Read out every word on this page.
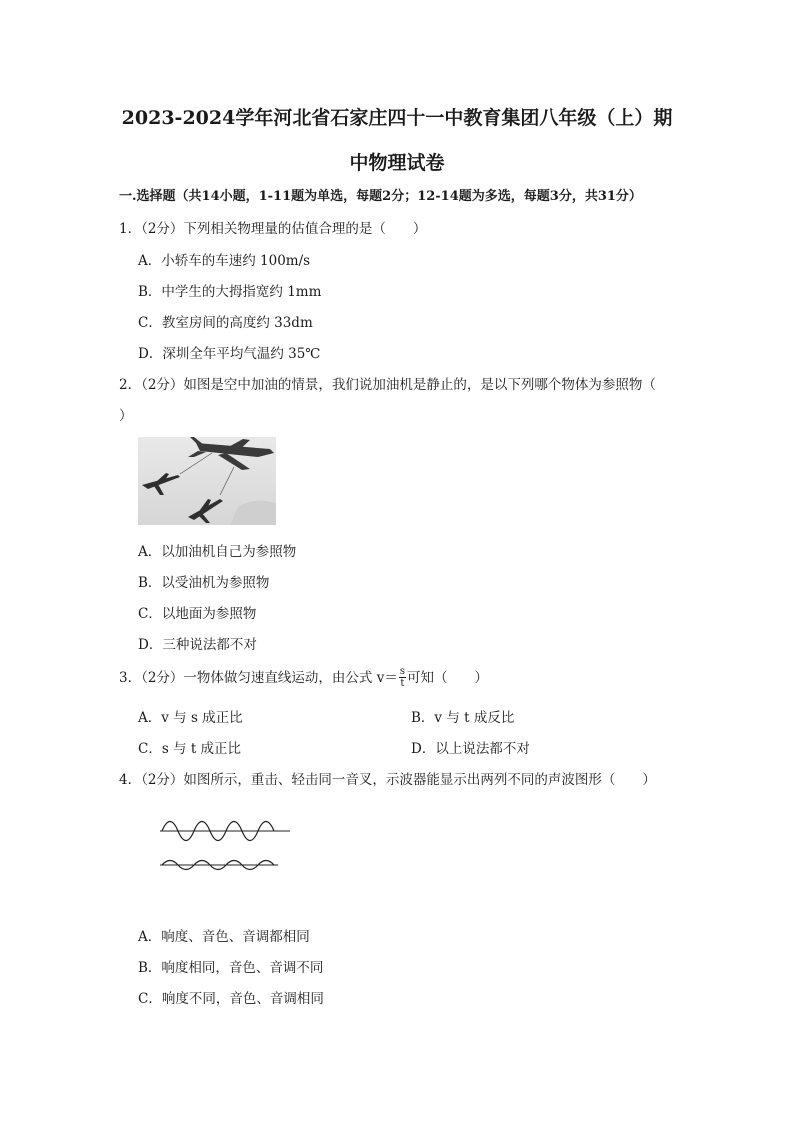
2023-2024学年河北省石家庄四十一中教育集团八年级（上）期
中物理试卷
一.选择题（共14小题，1-11题为单选，每题2分；12-14题为多选，每题3分，共31分）
1．（2分）下列相关物理量的估值合理的是（　　）
A．小轿车的车速约 100m/s
B．中学生的大拇指宽约 1mm
C．教室房间的高度约 33dm
D．深圳全年平均气温约 35℃
2．（2分）如图是空中加油的情景，我们说加油机是静止的，是以下列哪个物体为参照物（
）
A．以加油机自己为参照物
B．以受油机为参照物
C．以地面为参照物
D．三种说法都不对
3．（2分）一物体做匀速直线运动，由公式 $v= \frac{s}{t}$ 可知（　　）
A．v 与 s 成正比	B．v 与 t 成反比
C．s 与 t 成正比	D．以上说法都不对
4．（2分）如图所示，重击、轻击同一音叉，示波器能显示出两列不同的声波图形（　　）
A．响度、音色、音调都相同
B．响度相同，音色、音调不同
C．响度不同，音色、音调相同
